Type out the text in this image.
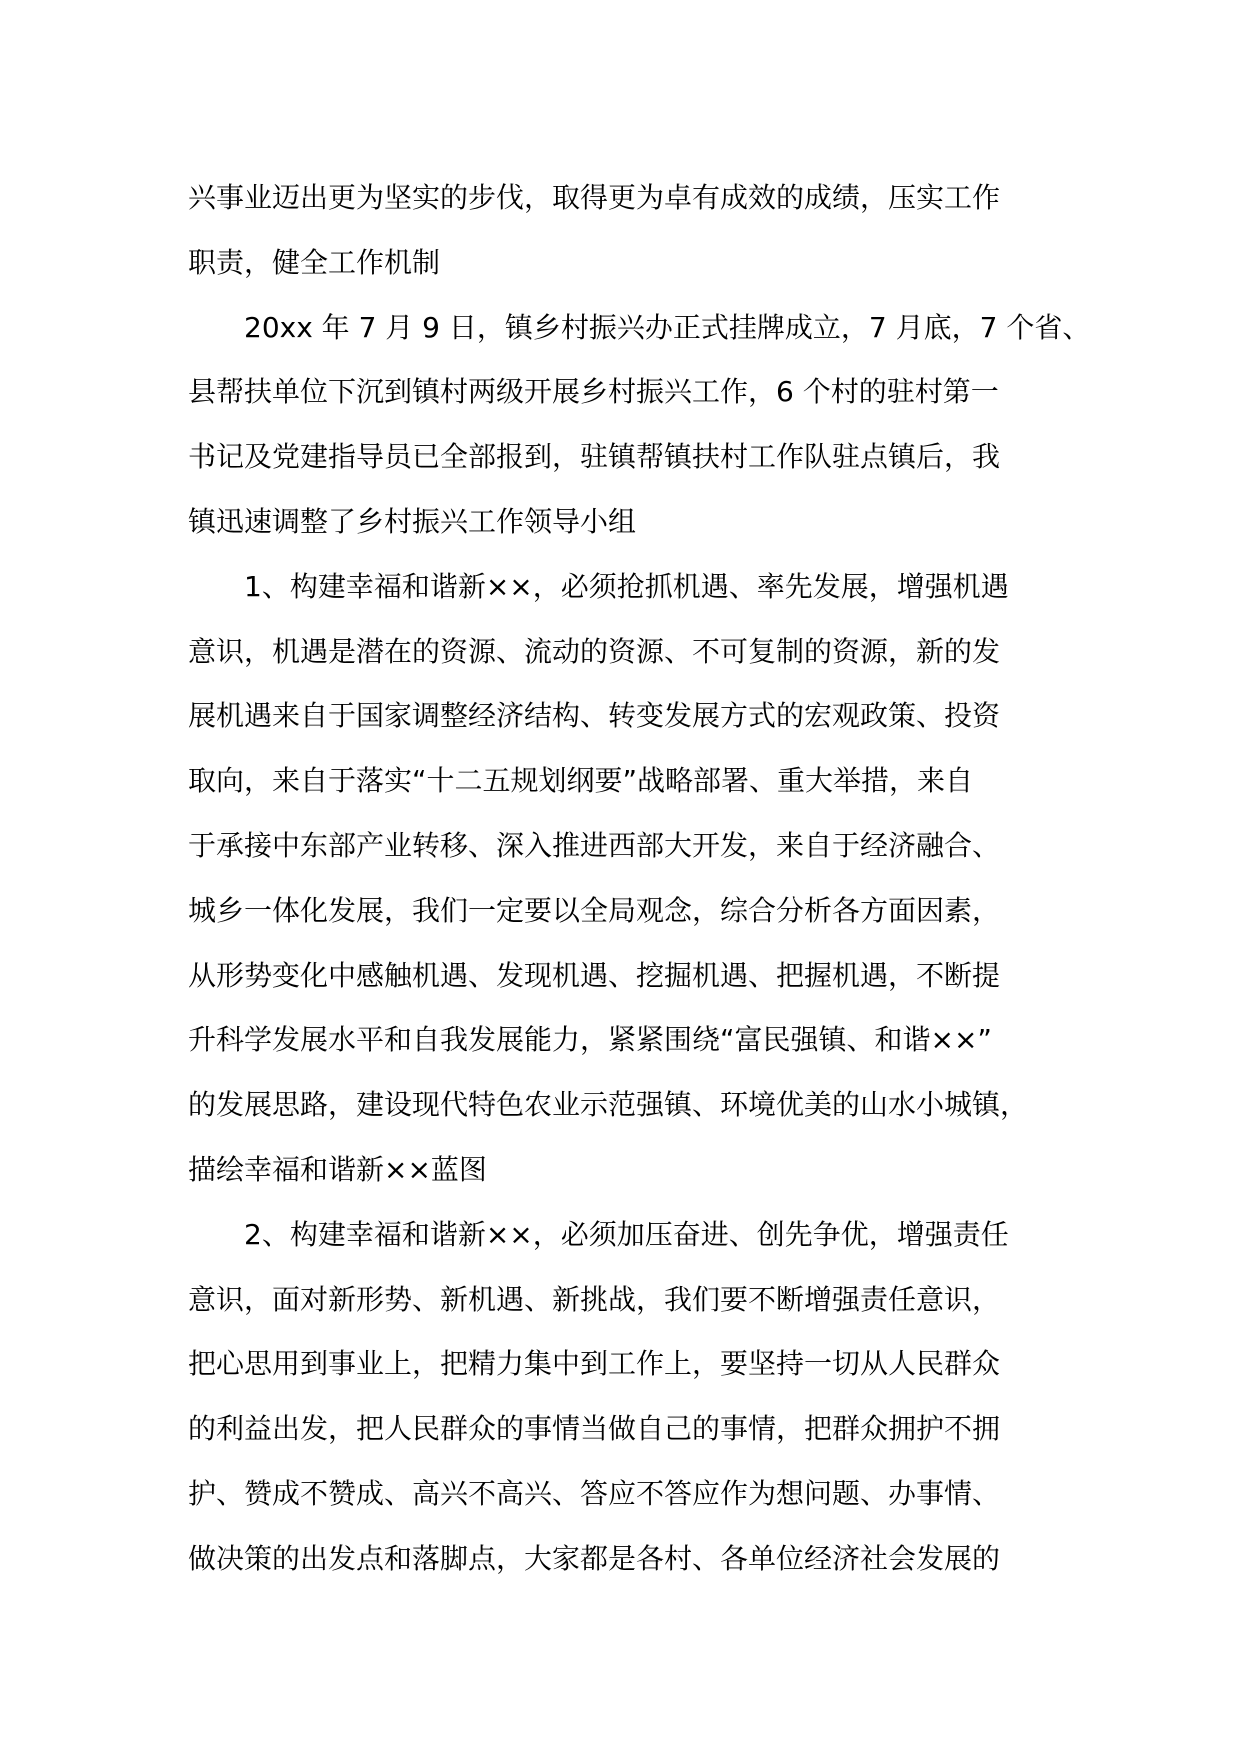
兴事业迈出更为坚实的步伐，取得更为卓有成效的成绩，压实工作
职责，健全工作机制
20xx 年 7 月 9 日，镇乡村振兴办正式挂牌成立，7 月底，7 个省、
县帮扶单位下沉到镇村两级开展乡村振兴工作，6 个村的驻村第一
书记及党建指导员已全部报到，驻镇帮镇扶村工作队驻点镇后，我
镇迅速调整了乡村振兴工作领导小组
1、构建幸福和谐新××，必须抢抓机遇、率先发展，增强机遇
意识，机遇是潜在的资源、流动的资源、不可复制的资源，新的发
展机遇来自于国家调整经济结构、转变发展方式的宏观政策、投资
取向，来自于落实“十二五规划纲要”战略部署、重大举措，来自
于承接中东部产业转移、深入推进西部大开发，来自于经济融合、
城乡一体化发展，我们一定要以全局观念，综合分析各方面因素，
从形势变化中感触机遇、发现机遇、挖掘机遇、把握机遇，不断提
升科学发展水平和自我发展能力，紧紧围绕“富民强镇、和谐××”
的发展思路，建设现代特色农业示范强镇、环境优美的山水小城镇，
描绘幸福和谐新××蓝图
2、构建幸福和谐新××，必须加压奋进、创先争优，增强责任
意识，面对新形势、新机遇、新挑战，我们要不断增强责任意识，
把心思用到事业上，把精力集中到工作上，要坚持一切从人民群众
的利益出发，把人民群众的事情当做自己的事情，把群众拥护不拥
护、赞成不赞成、高兴不高兴、答应不答应作为想问题、办事情、
做决策的出发点和落脚点，大家都是各村、各单位经济社会发展的
